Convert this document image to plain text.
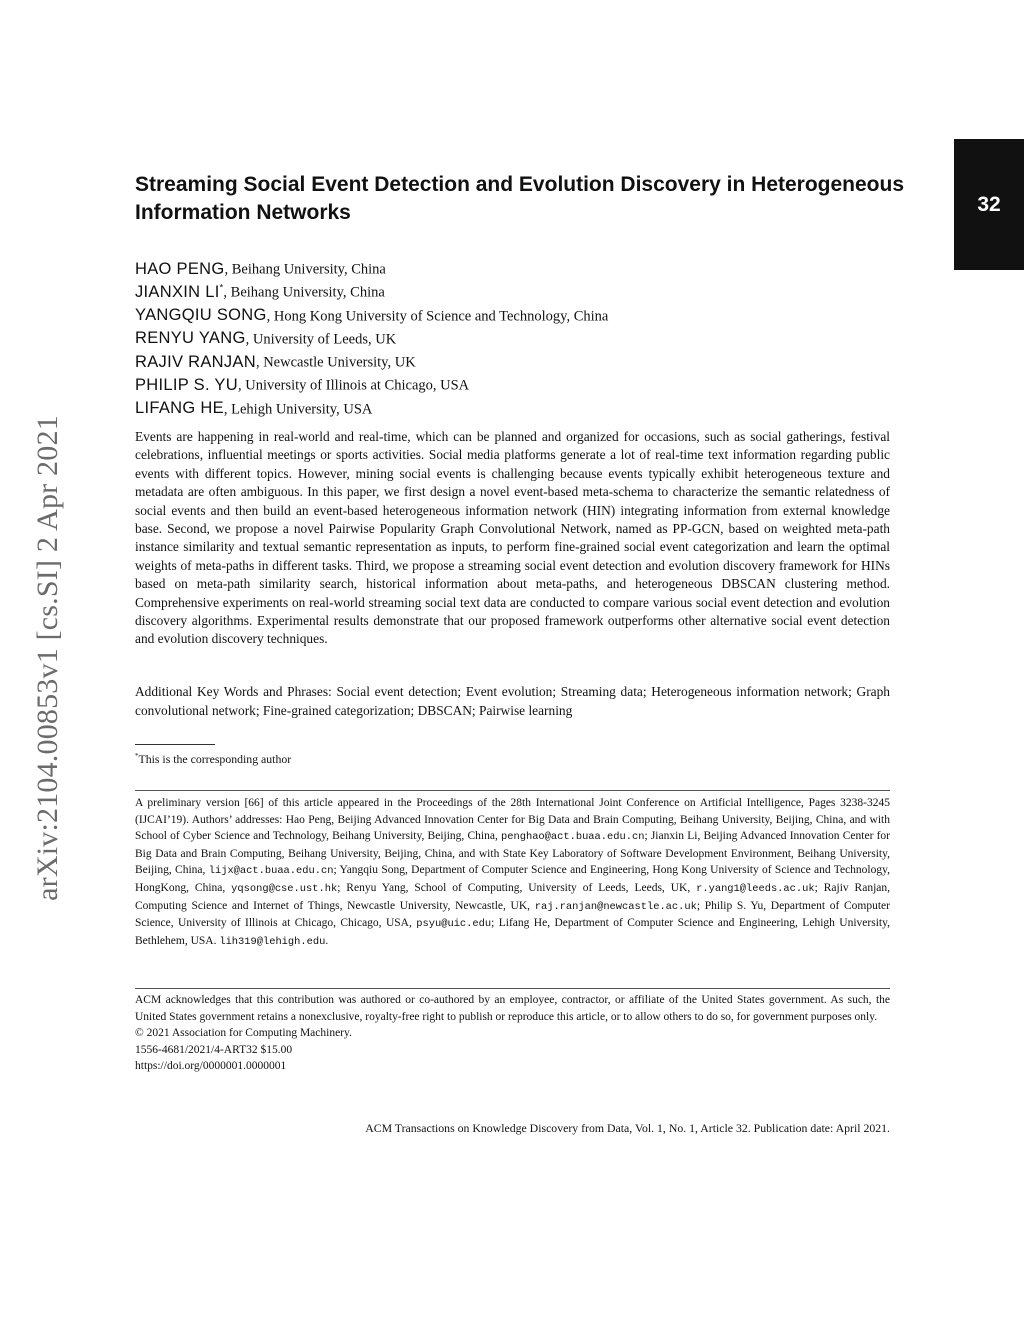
32
arXiv:2104.00853v1 [cs.SI] 2 Apr 2021
Streaming Social Event Detection and Evolution Discovery in Heterogeneous Information Networks
HAO PENG, Beihang University, China
JIANXIN LI*, Beihang University, China
YANGQIU SONG, Hong Kong University of Science and Technology, China
RENYU YANG, University of Leeds, UK
RAJIV RANJAN, Newcastle University, UK
PHILIP S. YU, University of Illinois at Chicago, USA
LIFANG HE, Lehigh University, USA

Events are happening in real-world and real-time, which can be planned and organized for occasions, such as social gatherings, festival celebrations, influential meetings or sports activities. Social media platforms generate a lot of real-time text information regarding public events with different topics. However, mining social events is challenging because events typically exhibit heterogeneous texture and metadata are often ambiguous. In this paper, we first design a novel event-based meta-schema to characterize the semantic relatedness of social events and then build an event-based heterogeneous information network (HIN) integrating information from external knowledge base. Second, we propose a novel Pairwise Popularity Graph Convolutional Network, named as PP-GCN, based on weighted meta-path instance similarity and textual semantic representation as inputs, to perform fine-grained social event categorization and learn the optimal weights of meta-paths in different tasks. Third, we propose a streaming social event detection and evolution discovery framework for HINs based on meta-path similarity search, historical information about meta-paths, and heterogeneous DBSCAN clustering method. Comprehensive experiments on real-world streaming social text data are conducted to compare various social event detection and evolution discovery algorithms. Experimental results demonstrate that our proposed framework outperforms other alternative social event detection and evolution discovery techniques.

Additional Key Words and Phrases: Social event detection; Event evolution; Streaming data; Heterogeneous information network; Graph convolutional network; Fine-grained categorization; DBSCAN; Pairwise learning

*This is the corresponding author

A preliminary version [66] of this article appeared in the Proceedings of the 28th International Joint Conference on Artificial Intelligence, Pages 3238-3245 (IJCAI’19). Authors’ addresses: Hao Peng, Beijing Advanced Innovation Center for Big Data and Brain Computing, Beihang University, Beijing, China, and with School of Cyber Science and Technology, Beihang University, Beijing, China, penghao@act.buaa.edu.cn; Jianxin Li, Beijing Advanced Innovation Center for Big Data and Brain Computing, Beihang University, Beijing, China, and with State Key Laboratory of Software Development Environment, Beihang University, Beijing, China, lijx@act.buaa.edu.cn; Yangqiu Song, Department of Computer Science and Engineering, Hong Kong University of Science and Technology, HongKong, China, yqsong@cse.ust.hk; Renyu Yang, School of Computing, University of Leeds, Leeds, UK, r.yang1@leeds.ac.uk; Rajiv Ranjan, Computing Science and Internet of Things, Newcastle University, Newcastle, UK, raj.ranjan@newcastle.ac.uk; Philip S. Yu, Department of Computer Science, University of Illinois at Chicago, Chicago, USA, psyu@uic.edu; Lifang He, Department of Computer Science and Engineering, Lehigh University, Bethlehem, USA. lih319@lehigh.edu.

ACM acknowledges that this contribution was authored or co-authored by an employee, contractor, or affiliate of the United States government. As such, the United States government retains a nonexclusive, royalty-free right to publish or reproduce this article, or to allow others to do so, for government purposes only.
© 2021 Association for Computing Machinery.
1556-4681/2021/4-ART32 $15.00
https://doi.org/0000001.0000001

ACM Transactions on Knowledge Discovery from Data, Vol. 1, No. 1, Article 32. Publication date: April 2021.
